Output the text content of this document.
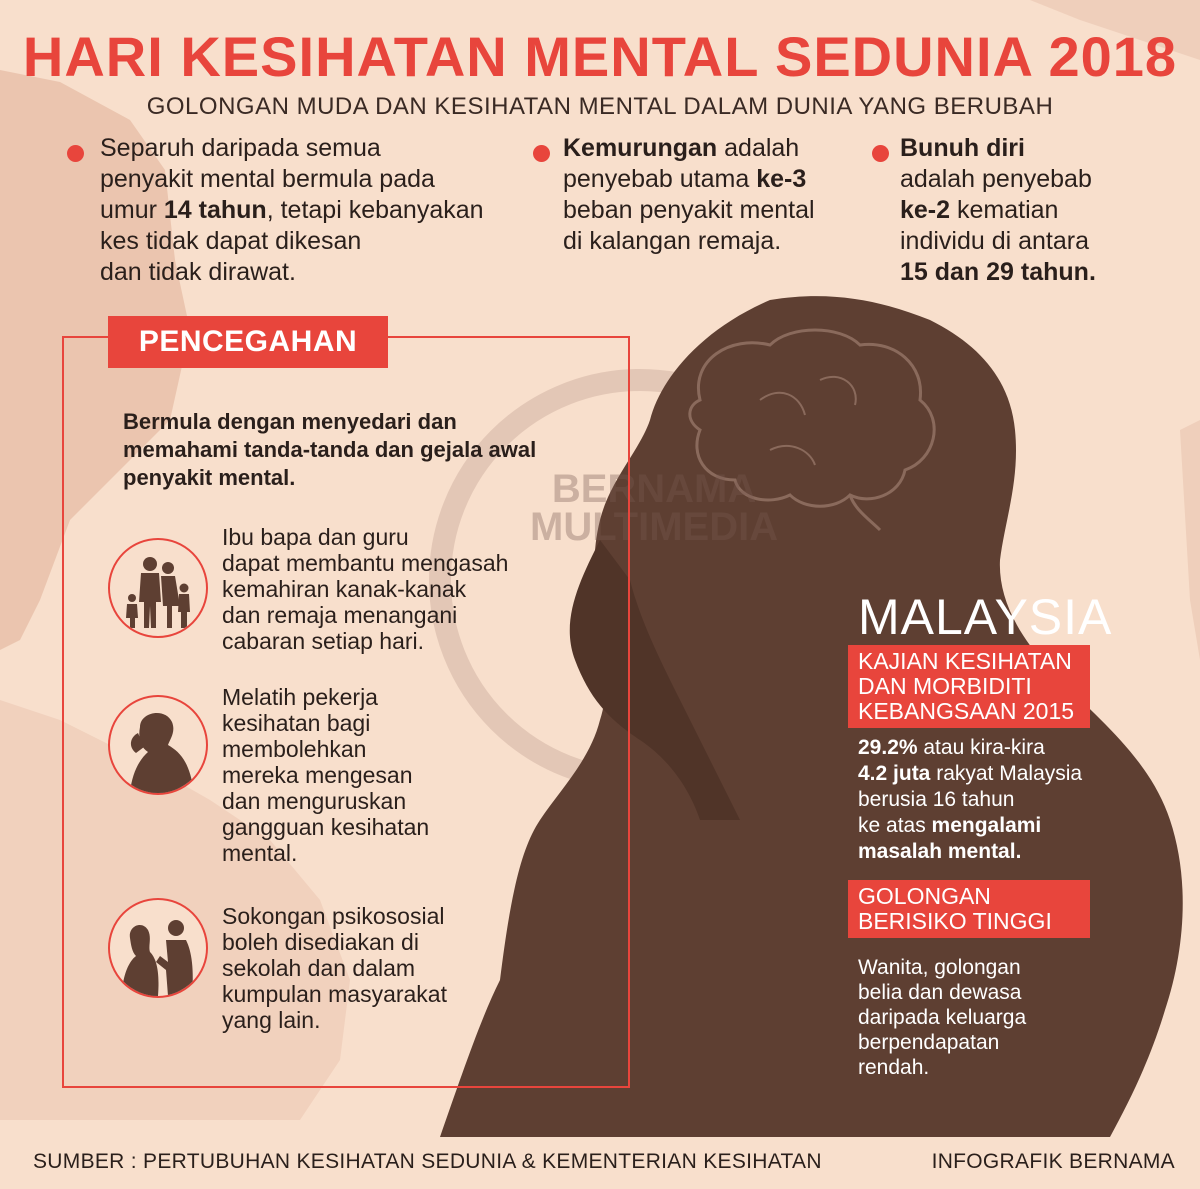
BERNAMA
MULTIMEDIA
HARI KESIHATAN MENTAL SEDUNIA 2018
GOLONGAN MUDA DAN KESIHATAN MENTAL DALAM DUNIA YANG BERUBAH
Separuh daripada semua
penyakit mental bermula pada
umur 14 tahun, tetapi kebanyakan
kes tidak dapat dikesan
dan tidak dirawat.
Kemurungan adalah
penyebab utama ke-3
beban penyakit mental
di kalangan remaja.
Bunuh diri
adalah penyebab
ke-2 kematian
individu di antara
15 dan 29 tahun.
PENCEGAHAN
Bermula dengan menyedari dan memahami tanda-tanda dan gejala awal penyakit mental.
Ibu bapa dan guru
dapat membantu mengasah
kemahiran kanak-kanak
dan remaja menangani
cabaran setiap hari.
Melatih pekerja
kesihatan bagi
membolehkan
mereka mengesan
dan menguruskan
gangguan kesihatan
mental.
Sokongan psikososial
boleh disediakan di
sekolah dan dalam
kumpulan masyarakat
yang lain.
MALAYSIA
KAJIAN KESIHATAN
DAN MORBIDITI
KEBANGSAAN 2015
29.2% atau kira-kira
4.2 juta rakyat Malaysia
berusia 16 tahun
ke atas mengalami
masalah mental.
GOLONGAN
BERISIKO TINGGI
Wanita, golongan
belia dan dewasa
daripada keluarga
berpendapatan
rendah.
SUMBER : PERTUBUHAN KESIHATAN SEDUNIA & KEMENTERIAN KESIHATAN	INFOGRAFIK BERNAMA
